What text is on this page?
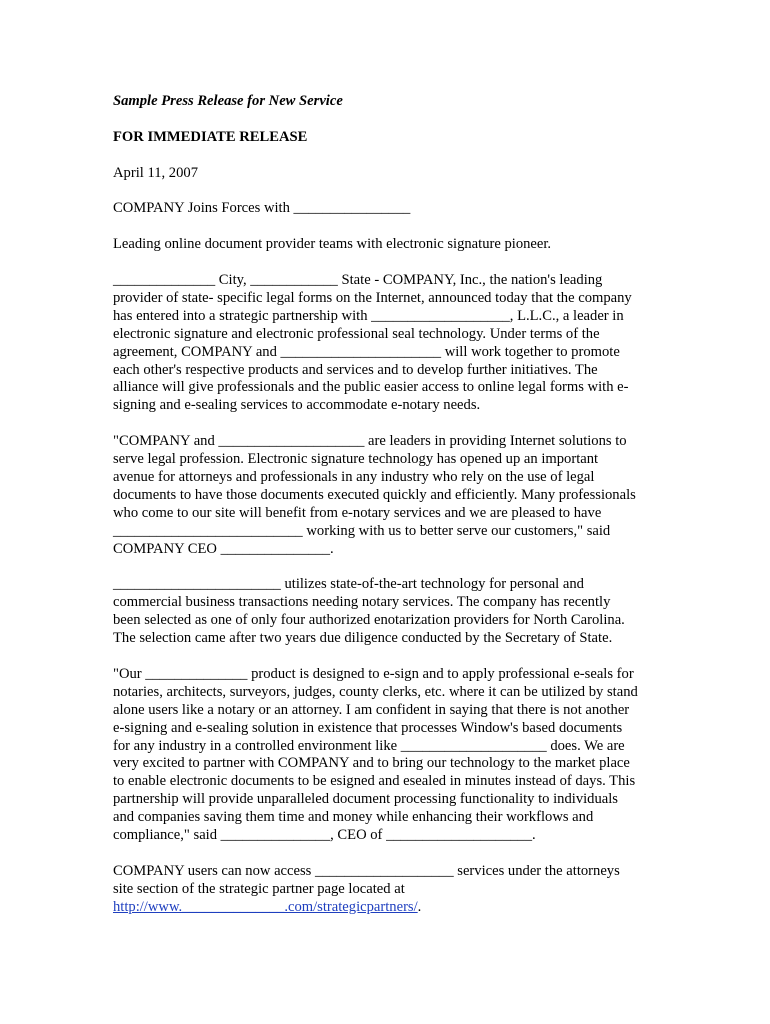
Sample Press Release for New Service
FOR IMMEDIATE RELEASE
April 11, 2007
COMPANY Joins Forces with ________________
Leading online document provider teams with electronic signature pioneer.
______________ City, ____________ State - COMPANY, Inc., the nation's leading
provider of state- specific legal forms on the Internet, announced today that the company
has entered into a strategic partnership with ___________________, L.L.C., a leader in
electronic signature and electronic professional seal technology. Under terms of the
agreement, COMPANY and ______________________ will work together to promote
each other's respective products and services and to develop further initiatives. The
alliance will give professionals and the public easier access to online legal forms with e-
signing and e-sealing services to accommodate e-notary needs.
"COMPANY and ____________________ are leaders in providing Internet solutions to
serve legal profession. Electronic signature technology has opened up an important
avenue for attorneys and professionals in any industry who rely on the use of legal
documents to have those documents executed quickly and efficiently. Many professionals
who come to our site will benefit from e-notary services and we are pleased to have
__________________________ working with us to better serve our customers," said
COMPANY CEO _______________.
_______________________ utilizes state-of-the-art technology for personal and
commercial business transactions needing notary services. The company has recently
been selected as one of only four authorized enotarization providers for North Carolina.
The selection came after two years due diligence conducted by the Secretary of State.
"Our ______________ product is designed to e-sign and to apply professional e-seals for
notaries, architects, surveyors, judges, county clerks, etc. where it can be utilized by stand
alone users like a notary or an attorney. I am confident in saying that there is not another
e-signing and e-sealing solution in existence that processes Window's based documents
for any industry in a controlled environment like ____________________ does. We are
very excited to partner with COMPANY and to bring our technology to the market place
to enable electronic documents to be esigned and esealed in minutes instead of days. This
partnership will provide unparalleled document processing functionality to individuals
and companies saving them time and money while enhancing their workflows and
compliance," said _______________, CEO of ____________________.
COMPANY users can now access ___________________ services under the attorneys
site section of the strategic partner page located at
http://www.______________.com/strategicpartners/.
